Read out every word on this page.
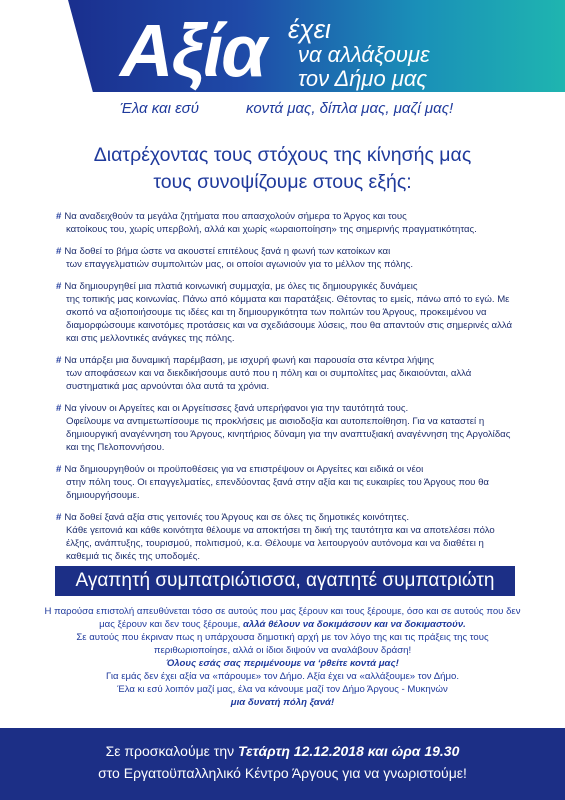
Αξία έχει
να αλλάξουμε
τον Δήμο μας
Έλα και εσύ	κοντά μας, δίπλα μας, μαζί μας!
Διατρέχοντας τους στόχους της κίνησής μας
τους συνοψίζουμε στους εξής:
# Να αναδειχθούν τα μεγάλα ζητήματα που απασχολούν σήμερα το Άργος και τους
κατοίκους του, χωρίς υπερβολή, αλλά και χωρίς «ωραιοποίηση» της σημερινής πραγματικότητας.
# Να δοθεί το βήμα ώστε να ακουστεί επιτέλους ξανά η φωνή των κατοίκων και
των επαγγελματιών συμπολιτών μας, οι οποίοι αγωνιούν για το μέλλον της πόλης.
# Να δημιουργηθεί μια πλατιά κοινωνική συμμαχία, με όλες τις δημιουργικές δυνάμεις
της τοπικής μας κοινωνίας. Πάνω από κόμματα και παρατάξεις. Θέτοντας το εμείς, πάνω από το εγώ. Με σκοπό να αξιοποιήσουμε τις ιδέες και τη δημιουργικότητα των πολιτών του Άργους, προκειμένου να διαμορφώσουμε καινοτόμες προτάσεις και να σχεδιάσουμε λύσεις, που θα απαντούν στις σημερινές αλλά και στις μελλοντικές ανάγκες της πόλης.
# Να υπάρξει μια δυναμική παρέμβαση, με ισχυρή φωνή και παρουσία στα κέντρα λήψης
των αποφάσεων και να διεκδικήσουμε αυτό που η πόλη και οι συμπολίτες μας δικαιούνται, αλλά συστηματικά μας αρνούνται όλα αυτά τα χρόνια.
# Να γίνουν οι Αργείτες και οι Αργείτισσες ξανά υπερήφανοι για την ταυτότητά τους.
Οφείλουμε να αντιμετωπίσουμε τις προκλήσεις με αισιοδοξία και αυτοπεποίθηση. Για να καταστεί η δημιουργική αναγέννηση του Άργους, κινητήριος δύναμη για την αναπτυξιακή αναγέννηση της Αργολίδας και της Πελοποννήσου.
# Να δημιουργηθούν οι προϋποθέσεις για να επιστρέψουν οι Αργείτες και ειδικά οι νέοι
στην πόλη τους. Οι επαγγελματίες, επενδύοντας ξανά στην αξία και τις ευκαιρίες του Άργους που θα δημιουργήσουμε.
# Να δοθεί ξανά αξία στις γειτονιές του Άργους και σε όλες τις δημοτικές κοινότητες.
Κάθε γειτονιά και κάθε κοινότητα θέλουμε να αποκτήσει τη δική της ταυτότητα και να αποτελέσει πόλο έλξης, ανάπτυξης, τουρισμού, πολιτισμού, κ.α. Θέλουμε να λειτουργούν αυτόνομα και να διαθέτει η καθεμιά τις δικές της υποδομές.
Αγαπητή συμπατριώτισσα, αγαπητέ συμπατριώτη
Η παρούσα επιστολή απευθύνεται τόσο σε αυτούς που μας ξέρουν και τους ξέρουμε, όσο και σε αυτούς που δεν μας ξέρουν και δεν τους ξέρουμε, αλλά θέλουν να δοκιμάσουν και να δοκιμαστούν.
Σε αυτούς που έκριναν πως η υπάρχουσα δημοτική αρχή με τον λόγο της και τις πράξεις της τους περιθωριοποίησε, αλλά οι ίδιοι διψούν να αναλάβουν δράση!
Όλους εσάς σας περιμένουμε να ‘ρθείτε κοντά μας!
Για εμάς δεν έχει αξία να «πάρουμε» τον Δήμο. Αξία έχει να «αλλάξουμε» τον Δήμο.
Έλα κι εσύ λοιπόν μαζί μας, έλα να κάνουμε μαζί τον Δήμο Άργους - Μυκηνών
μια δυνατή πόλη ξανά!
Σε προσκαλούμε την Τετάρτη 12.12.2018 και ώρα 19.30
στο Εργατοϋπαλληλικό Κέντρο Άργους για να γνωριστούμε!
